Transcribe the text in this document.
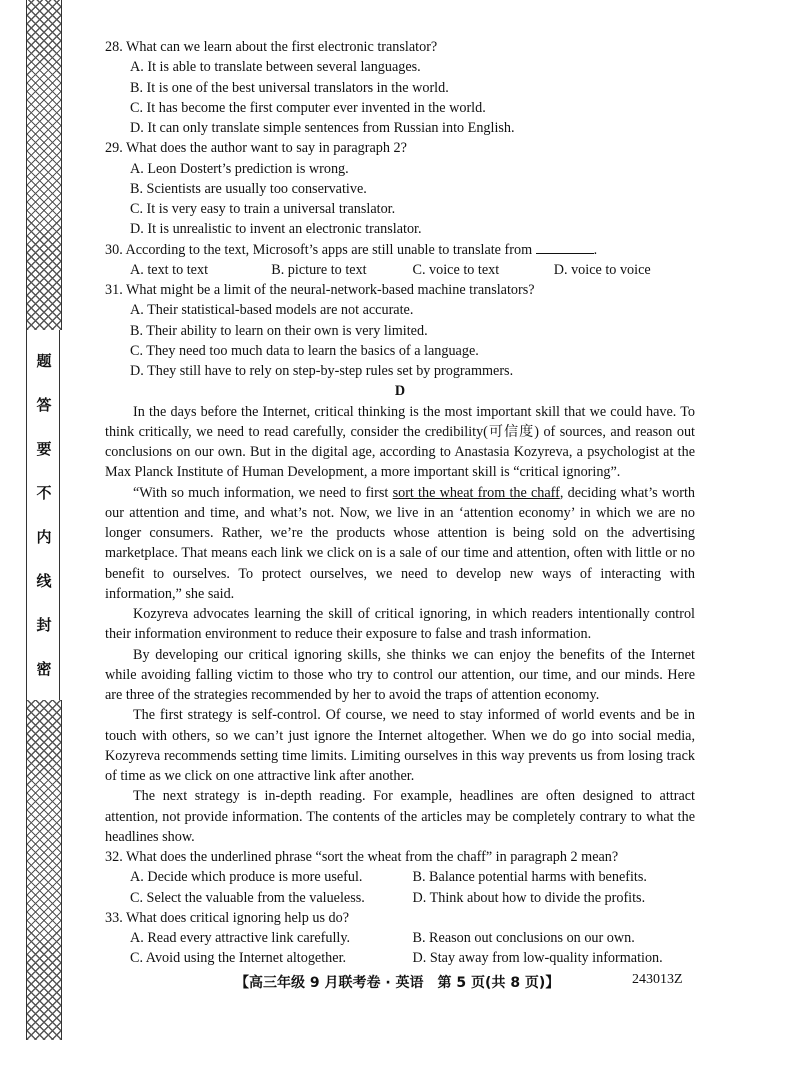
题
答
要
不
内
线
封
密

28. What can we learn about the first electronic translator?

A. It is able to translate between several languages.

B. It is one of the best universal translators in the world.

C. It has become the first computer ever invented in the world.

D. It can only translate simple sentences from Russian into English.

29. What does the author want to say in paragraph 2?

A. Leon Dostert’s prediction is wrong.

B. Scientists are usually too conservative.

C. It is very easy to train a universal translator.

D. It is unrealistic to invent an electronic translator.

30. According to the text, Microsoft’s apps are still unable to translate from	.

A. text to text	B. picture to text	C. voice to text	D. voice to voice

31. What might be a limit of the neural-network-based machine translators?

A. Their statistical-based models are not accurate.

B. Their ability to learn on their own is very limited.

C. They need too much data to learn the basics of a language.

D. They still have to rely on step-by-step rules set by programmers.

D

In the days before the Internet, critical thinking is the most important skill that we could have. To think critically, we need to read carefully, consider the credibility(可信度) of sources, and reason out conclusions on our own. But in the digital age, according to Anastasia Kozyreva, a psychologist at the Max Planck Institute of Human Development, a more important skill is “critical ignoring”.

“With so much information, we need to first sort the wheat from the chaff, deciding what’s worth our attention and time, and what’s not. Now, we live in an ‘attention economy’ in which we are no longer consumers. Rather, we’re the products whose attention is being sold on the advertising marketplace. That means each link we click on is a sale of our time and attention, often with little or no benefit to ourselves. To protect ourselves, we need to develop new ways of interacting with information,” she said.

Kozyreva advocates learning the skill of critical ignoring, in which readers intentionally control their information environment to reduce their exposure to false and trash information.

By developing our critical ignoring skills, she thinks we can enjoy the benefits of the Internet while avoiding falling victim to those who try to control our attention, our time, and our minds. Here are three of the strategies recommended by her to avoid the traps of attention economy.

The first strategy is self-control. Of course, we need to stay informed of world events and be in touch with others, so we can’t just ignore the Internet altogether. When we do go into social media, Kozyreva recommends setting time limits. Limiting ourselves in this way prevents us from losing track of time as we click on one attractive link after another.

The next strategy is in-depth reading. For example, headlines are often designed to attract attention, not provide information. The contents of the articles may be completely contrary to what the headlines show.

32. What does the underlined phrase “sort the wheat from the chaff” in paragraph 2 mean?

A. Decide which produce is more useful.	B. Balance potential harms with benefits.
C. Select the valuable from the valueless.	D. Think about how to divide the profits.

33. What does critical ignoring help us do?

A. Read every attractive link carefully.	B. Reason out conclusions on our own.
C. Avoid using the Internet altogether.	D. Stay away from low-quality information.
【高三年级 9 月联考卷 · 英语　第 5 页(共 8 页)】	243013Z
